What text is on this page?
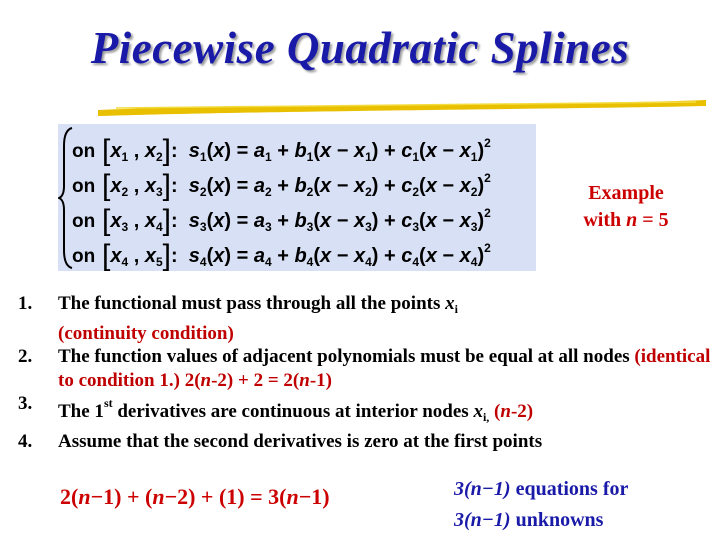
Piecewise Quadratic Splines
on [$x_1$ , $x_2$]: $s_1(x) = a_1 + b_1(x - x_1) + c_1(x - x_1)^2$
on [$x_2$ , $x_3$]: $s_2(x) = a_2 + b_2(x - x_2) + c_2(x - x_2)^2$
on [$x_3$ , $x_4$]: $s_3(x) = a_3 + b_3(x - x_3) + c_3(x - x_3)^2$
on [$x_4$ , $x_5$]: $s_4(x) = a_4 + b_4(x - x_4) + c_4(x - x_4)^2$
Example
with n = 5
1.	The functional must pass through all the points $x_i$
(continuity condition)
2.	The function values of adjacent polynomials must be equal at all nodes (identical to condition 1.) 2(n-2) + 2 = 2(n-1)
3.	The 1st derivatives are continuous at interior nodes $x_{i,}$ (n-2)
4.	Assume that the second derivatives is zero at the first points
2(n−1) + (n−2) + (1) = 3(n−1)	3(n−1) equations for
3(n−1) unknowns
